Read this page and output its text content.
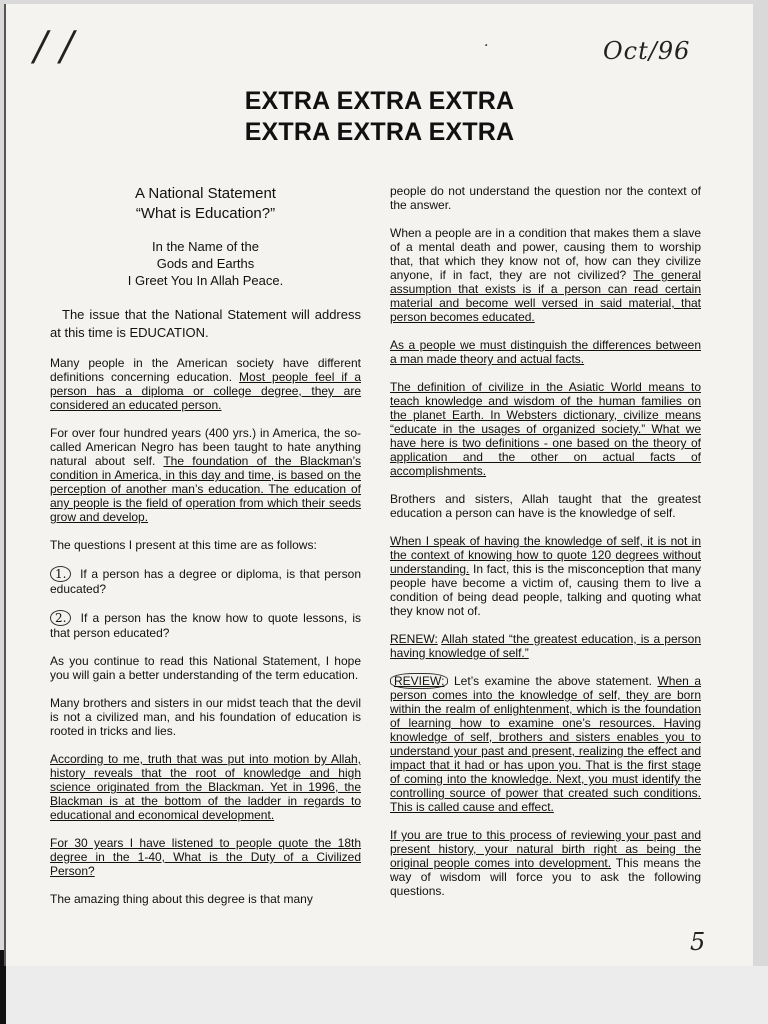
/ /	·	Oct/96
EXTRA EXTRA EXTRA
EXTRA EXTRA EXTRA

A National Statement
“What is Education?”

In the Name of the
Gods and Earths
I Greet You In Allah Peace.

The issue that the National Statement will address at this time is EDUCATION.

Many people in the American society have different definitions concerning education. Most people feel if a person has a diploma or college degree, they are considered an educated person.

For over four hundred years (400 yrs.) in America, the so-called American Negro has been taught to hate anything natural about self. The foundation of the Blackman’s condition in America, in this day and time, is based on the perception of another man’s education. The education of any people is the field of operation from which their seeds grow and develop.

The questions I present at this time are as follows:

1. If a person has a degree or diploma, is that person educated?

2. If a person has the know how to quote lessons, is that person educated?

As you continue to read this National Statement, I hope you will gain a better understanding of the term education.

Many brothers and sisters in our midst teach that the devil is not a civilized man, and his foundation of education is rooted in tricks and lies.

According to me, truth that was put into motion by Allah, history reveals that the root of knowledge and high science originated from the Blackman. Yet in 1996, the Blackman is at the bottom of the ladder in regards to educational and economical development.

For 30 years I have listened to people quote the 18th degree in the 1-40, What is the Duty of a Civilized Person?

The amazing thing about this degree is that many

people do not understand the question nor the context of the answer.

When a people are in a condition that makes them a slave of a mental death and power, causing them to worship that, that which they know not of, how can they civilize anyone, if in fact, they are not civilized? The general assumption that exists is if a person can read certain material and become well versed in said material, that person becomes educated.

As a people we must distinguish the differences between a man made theory and actual facts.

The definition of civilize in the Asiatic World means to teach knowledge and wisdom of the human families on the planet Earth. In Websters dictionary, civilize means “educate in the usages of organized society.” What we have here is two definitions - one based on the theory of application and the other on actual facts of accomplishments.

Brothers and sisters, Allah taught that the greatest education a person can have is the knowledge of self.

When I speak of having the knowledge of self, it is not in the context of knowing how to quote 120 degrees without understanding. In fact, this is the misconception that many people have become a victim of, causing them to live a condition of being dead people, talking and quoting what they know not of.

RENEW: Allah stated “the greatest education, is a person having knowledge of self.”

REVIEW: Let’s examine the above statement. When a person comes into the knowledge of self, they are born within the realm of enlightenment, which is the foundation of learning how to examine one’s resources. Having knowledge of self, brothers and sisters enables you to understand your past and present, realizing the effect and impact that it had or has upon you. That is the first stage of coming into the knowledge. Next, you must identify the controlling source of power that created such conditions. This is called cause and effect.

If you are true to this process of reviewing your past and present history, your natural birth right as being the original people comes into development. This means the way of wisdom will force you to ask the following questions.

5
